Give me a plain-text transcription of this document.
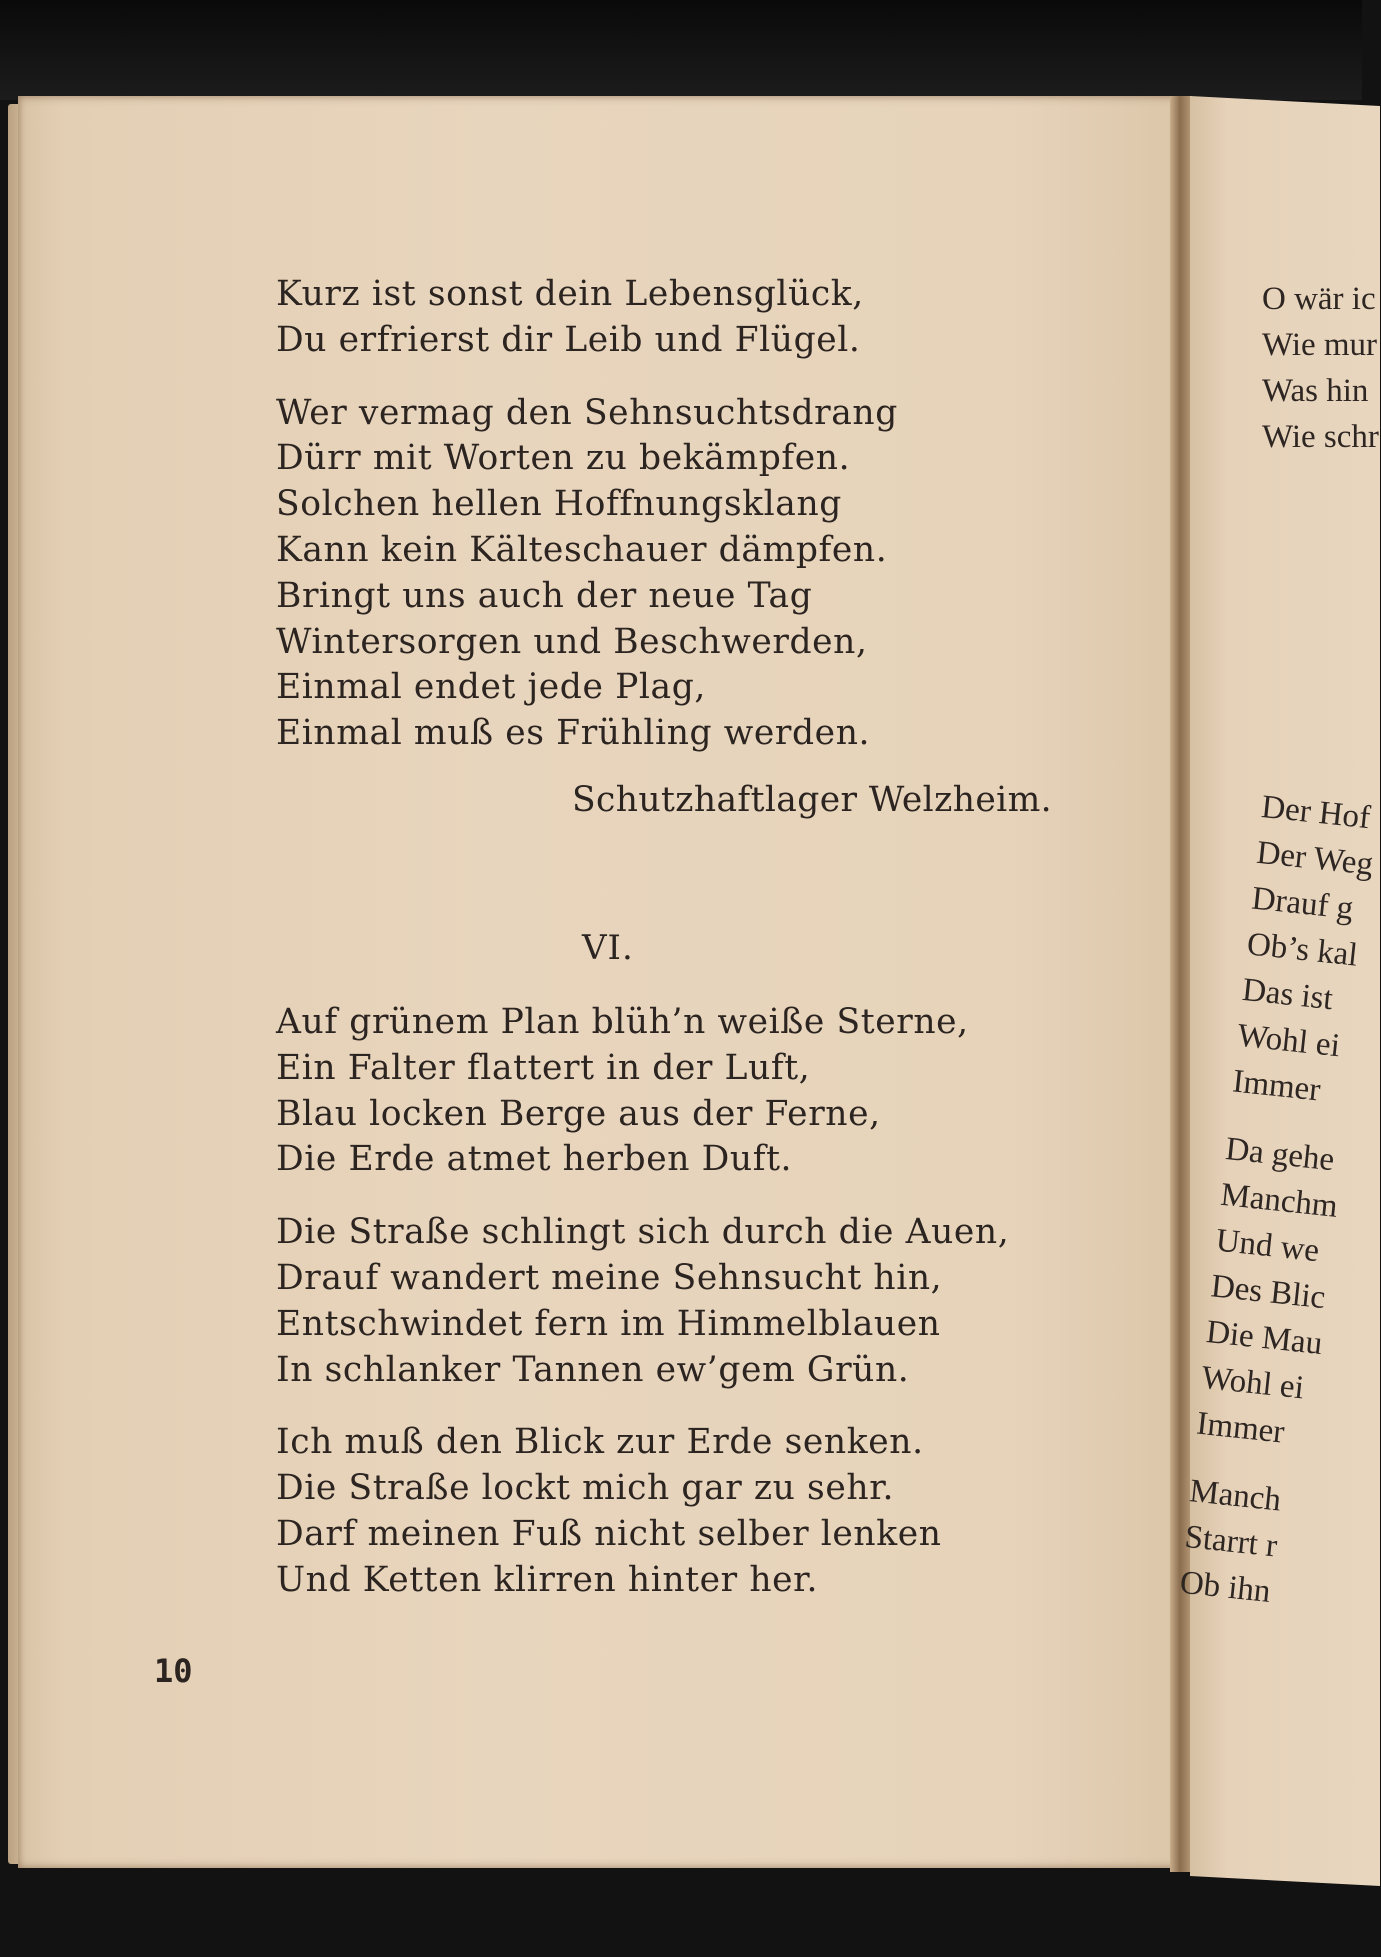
Kurz ist sonst dein Lebensglück,
Du erfrierst dir Leib und Flügel.
Wer vermag den Sehnsuchtsdrang
Dürr mit Worten zu bekämpfen.
Solchen hellen Hoffnungsklang
Kann kein Kälteschauer dämpfen.
Bringt uns auch der neue Tag
Wintersorgen und Beschwerden,
Einmal endet jede Plag,
Einmal muß es Frühling werden.
Schutzhaftlager Welzheim.
VI.
Auf grünem Plan blüh’n weiße Sterne,
Ein Falter flattert in der Luft,
Blau locken Berge aus der Ferne,
Die Erde atmet herben Duft.
Die Straße schlingt sich durch die Auen,
Drauf wandert meine Sehnsucht hin,
Entschwindet fern im Himmelblauen
In schlanker Tannen ew’gem Grün.
Ich muß den Blick zur Erde senken.
Die Straße lockt mich gar zu sehr.
Darf meinen Fuß nicht selber lenken
Und Ketten klirren hinter her.
10
O wär ic
Wie mur
Was hin
Wie schr
Der Hof
Der Weg
Drauf g
Ob’s kal
Das ist
Wohl ei
Immer
Da gehe
Manchm
Und we
Des Blic
Die Mau
Wohl ei
Immer
Manch
Starrt r
Ob ihn
